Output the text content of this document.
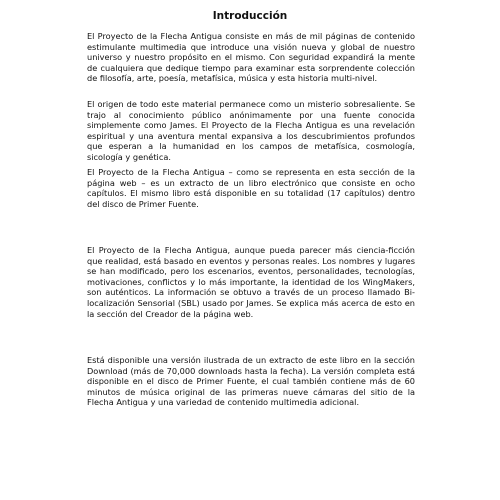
Introducción

El Proyecto de la Flecha Antigua consiste en más de mil páginas de contenido estimulante multimedia que introduce una visión nueva y global de nuestro universo y nuestro propósito en el mismo. Con seguridad expandirá la mente de cualquiera que dedique tiempo para examinar esta sorprendente colección de filosofía, arte, poesía, metafísica, música y esta historia multi-nivel.

El origen de todo este material permanece como un misterio sobresaliente. Se trajo al conocimiento público anónimamente por una fuente conocida simplemente como James. El Proyecto de la Flecha Antigua es una revelación espiritual y una aventura mental expansiva a los descubrimientos profundos que esperan a la humanidad en los campos de metafísica, cosmología, sicología y genética.

El Proyecto de la Flecha Antigua – como se representa en esta sección de la página web – es un extracto de un libro electrónico que consiste en ocho capítulos. El mismo libro está disponible en su totalidad (17 capítulos) dentro del disco de Primer Fuente.

El Proyecto de la Flecha Antigua, aunque pueda parecer más ciencia-ficción que realidad, está basado en eventos y personas reales. Los nombres y lugares se han modificado, pero los escenarios, eventos, personalidades, tecnologías, motivaciones, conflictos y lo más importante, la identidad de los WingMakers, son auténticos. La información se obtuvo a través de un proceso llamado Bi-localización Sensorial (SBL) usado por James. Se explica más acerca de esto en la sección del Creador de la página web.

Está disponible una versión ilustrada de un extracto de este libro en la sección Download (más de 70,000 downloads hasta la fecha). La versión completa está disponible en el disco de Primer Fuente, el cual también contiene más de 60 minutos de música original de las primeras nueve cámaras del sitio de la Flecha Antigua y una variedad de contenido multimedia adicional.
